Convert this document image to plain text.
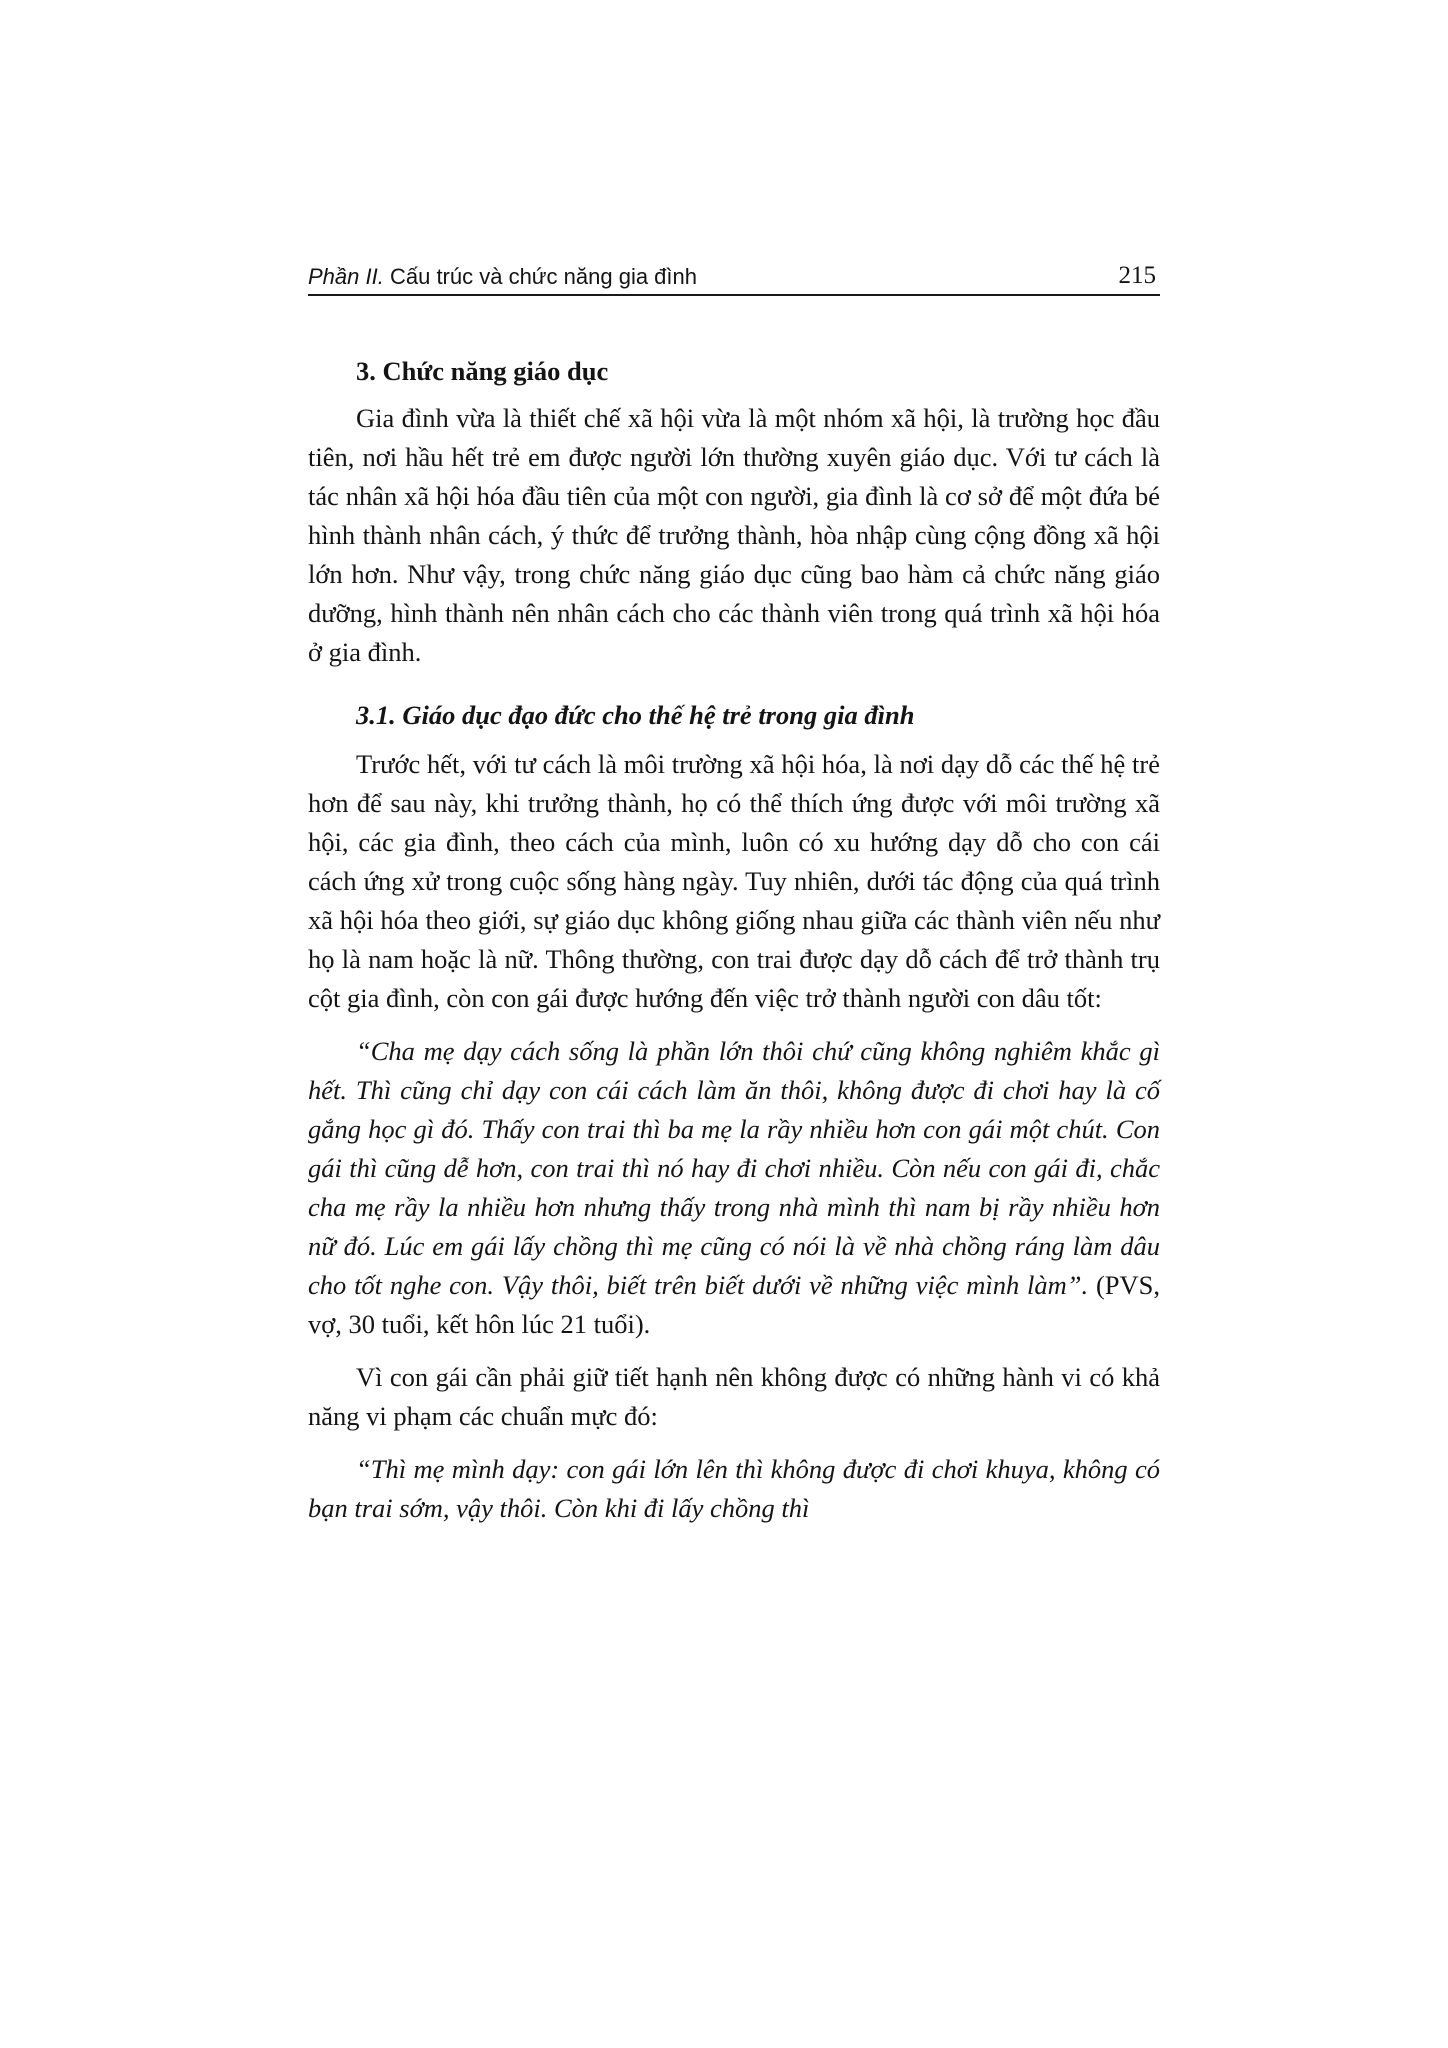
Phần II. Cấu trúc và chức năng gia đình	215
3. Chức năng giáo dục

Gia đình vừa là thiết chế xã hội vừa là một nhóm xã hội, là trường học đầu tiên, nơi hầu hết trẻ em được người lớn thường xuyên giáo dục. Với tư cách là tác nhân xã hội hóa đầu tiên của một con người, gia đình là cơ sở để một đứa bé hình thành nhân cách, ý thức để trưởng thành, hòa nhập cùng cộng đồng xã hội lớn hơn. Như vậy, trong chức năng giáo dục cũng bao hàm cả chức năng giáo dưỡng, hình thành nên nhân cách cho các thành viên trong quá trình xã hội hóa ở gia đình.

3.1. Giáo dục đạo đức cho thế hệ trẻ trong gia đình

Trước hết, với tư cách là môi trường xã hội hóa, là nơi dạy dỗ các thế hệ trẻ hơn để sau này, khi trưởng thành, họ có thể thích ứng được với môi trường xã hội, các gia đình, theo cách của mình, luôn có xu hướng dạy dỗ cho con cái cách ứng xử trong cuộc sống hàng ngày. Tuy nhiên, dưới tác động của quá trình xã hội hóa theo giới, sự giáo dục không giống nhau giữa các thành viên nếu như họ là nam hoặc là nữ. Thông thường, con trai được dạy dỗ cách để trở thành trụ cột gia đình, còn con gái được hướng đến việc trở thành người con dâu tốt:

“Cha mẹ dạy cách sống là phần lớn thôi chứ cũng không nghiêm khắc gì hết. Thì cũng chỉ dạy con cái cách làm ăn thôi, không được đi chơi hay là cố gắng học gì đó. Thấy con trai thì ba mẹ la rầy nhiều hơn con gái một chút. Con gái thì cũng dễ hơn, con trai thì nó hay đi chơi nhiều. Còn nếu con gái đi, chắc cha mẹ rầy la nhiều hơn nhưng thấy trong nhà mình thì nam bị rầy nhiều hơn nữ đó. Lúc em gái lấy chồng thì mẹ cũng có nói là về nhà chồng ráng làm dâu cho tốt nghe con. Vậy thôi, biết trên biết dưới về những việc mình làm”. (PVS, vợ, 30 tuổi, kết hôn lúc 21 tuổi).

Vì con gái cần phải giữ tiết hạnh nên không được có những hành vi có khả năng vi phạm các chuẩn mực đó:

“Thì mẹ mình dạy: con gái lớn lên thì không được đi chơi khuya, không có bạn trai sớm, vậy thôi. Còn khi đi lấy chồng thì
